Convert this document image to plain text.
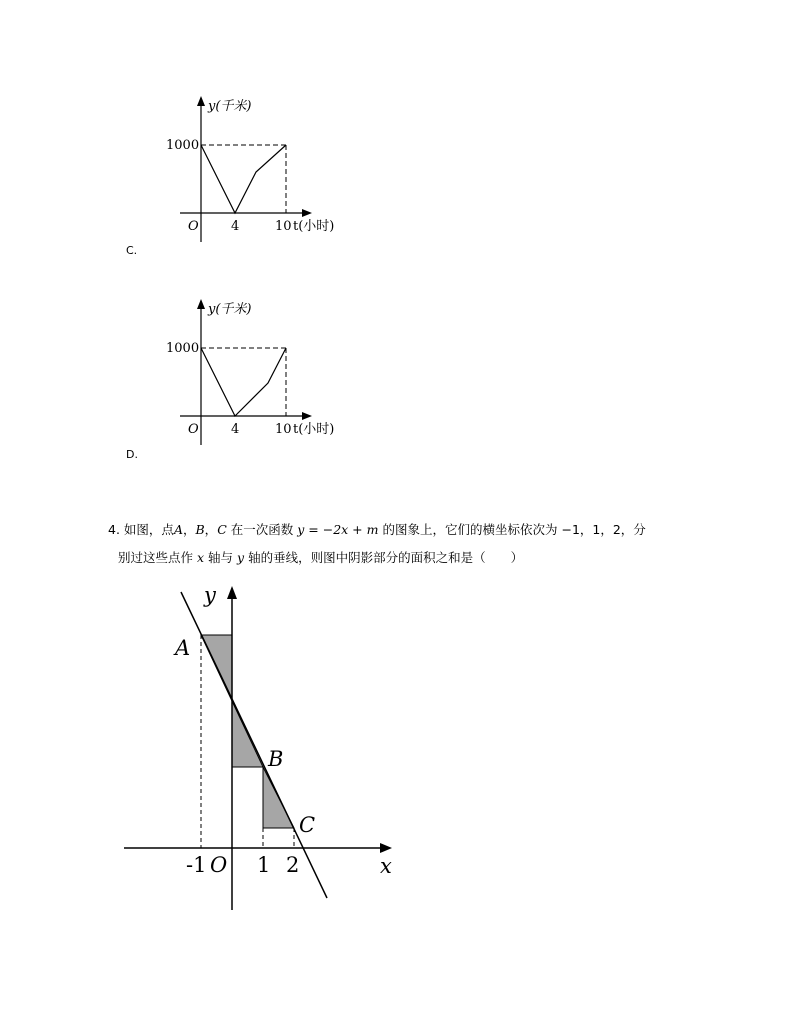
y(千米)
1000
O 4	10 t(小时)
C.
y(千米)
1000
O 4	10 t(小时)
D.
4. 如图，点A，B，C 在一次函数 y = −2x + m 的图象上，它们的横坐标依次为 −1，1，2，分
别过这些点作 x 轴与 y 轴的垂线，则图中阴影部分的面积之和是（　　）
y
x
A
B
C
-1 O 1 2
